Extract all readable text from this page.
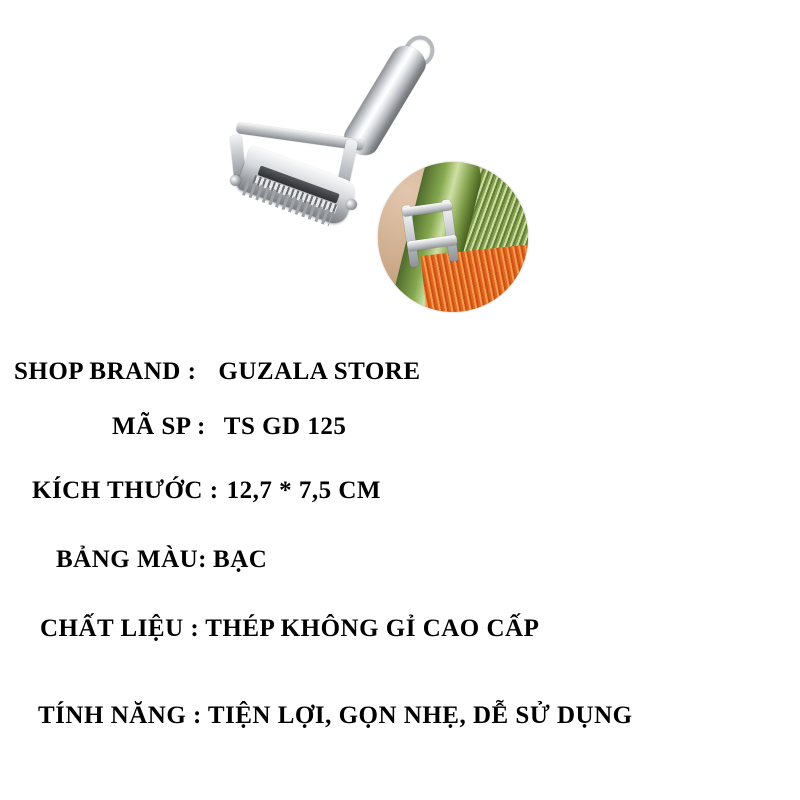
SHOP BRAND : GUZALA STORE
MÃ SP : TS GD 125
KÍCH THƯỚC : 12,7 * 7,5 CM
BẢNG MÀU: BẠC
CHẤT LIỆU : THÉP KHÔNG GỈ CAO CẤP
TÍNH NĂNG : TIỆN LỢI, GỌN NHẸ, DỄ SỬ DỤNG
